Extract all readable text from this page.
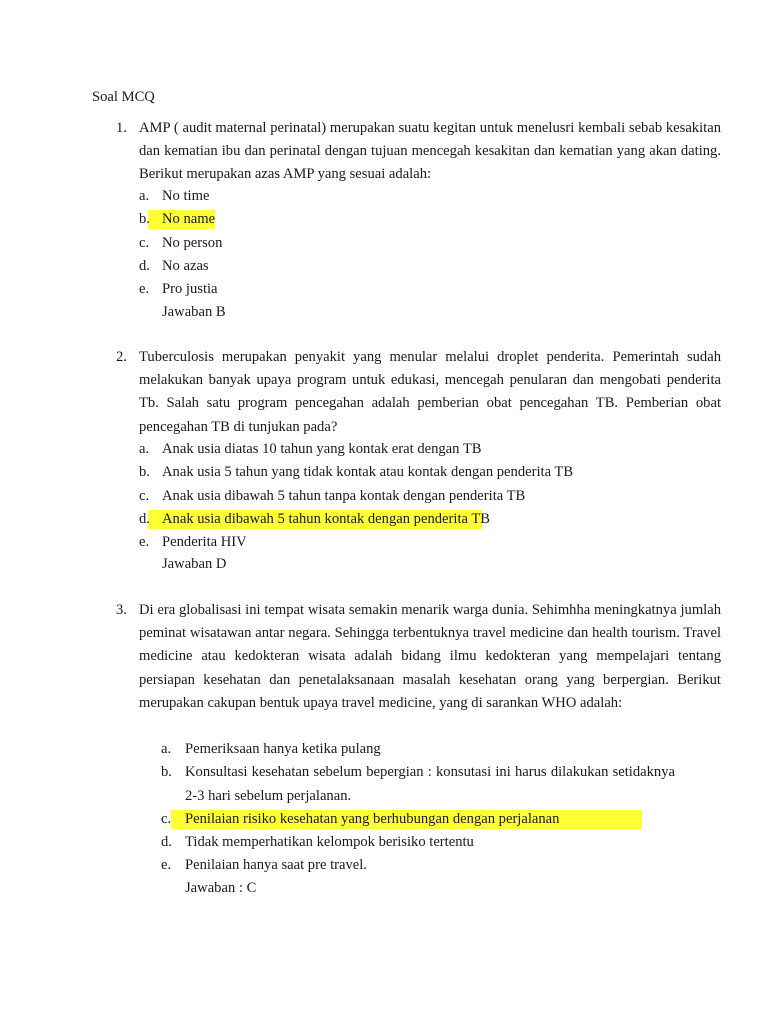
Soal MCQ
1. AMP ( audit maternal perinatal) merupakan suatu kegitan untuk menelusri kembali sebab kesakitan dan kematian ibu dan perinatal dengan tujuan mencegah kesakitan dan kematian yang akan dating. Berikut merupakan azas AMP yang sesuai adalah:
a. No time
b. No name
c. No person
d. No azas
e. Pro justia
Jawaban B
2. Tuberculosis merupakan penyakit yang menular melalui droplet penderita. Pemerintah sudah melakukan banyak upaya program untuk edukasi, mencegah penularan dan mengobati penderita Tb. Salah satu program pencegahan adalah pemberian obat pencegahan TB. Pemberian obat pencegahan TB di tunjukan pada?
a. Anak usia diatas 10 tahun yang kontak erat dengan TB
b. Anak usia 5 tahun yang tidak kontak atau kontak dengan penderita TB
c. Anak usia dibawah 5 tahun tanpa kontak dengan penderita TB
d. Anak usia dibawah 5 tahun kontak dengan penderita TB
e. Penderita HIV
Jawaban D
3. Di era globalisasi ini tempat wisata semakin menarik warga dunia. Sehimhha meningkatnya jumlah peminat wisatawan antar negara. Sehingga terbentuknya travel medicine dan health tourism. Travel medicine atau kedokteran wisata adalah bidang ilmu kedokteran yang mempelajari tentang persiapan kesehatan dan penetalaksanaan masalah kesehatan orang yang berpergian. Berikut merupakan cakupan bentuk upaya travel medicine, yang di sarankan WHO adalah:
a. Pemeriksaan hanya ketika pulang
b. Konsultasi kesehatan sebelum bepergian : konsutasi ini harus dilakukan setidaknya 2-3 hari sebelum perjalanan.
c. Penilaian risiko kesehatan yang berhubungan dengan perjalanan
d. Tidak memperhatikan kelompok berisiko tertentu
e. Penilaian hanya saat pre travel.
Jawaban : C
